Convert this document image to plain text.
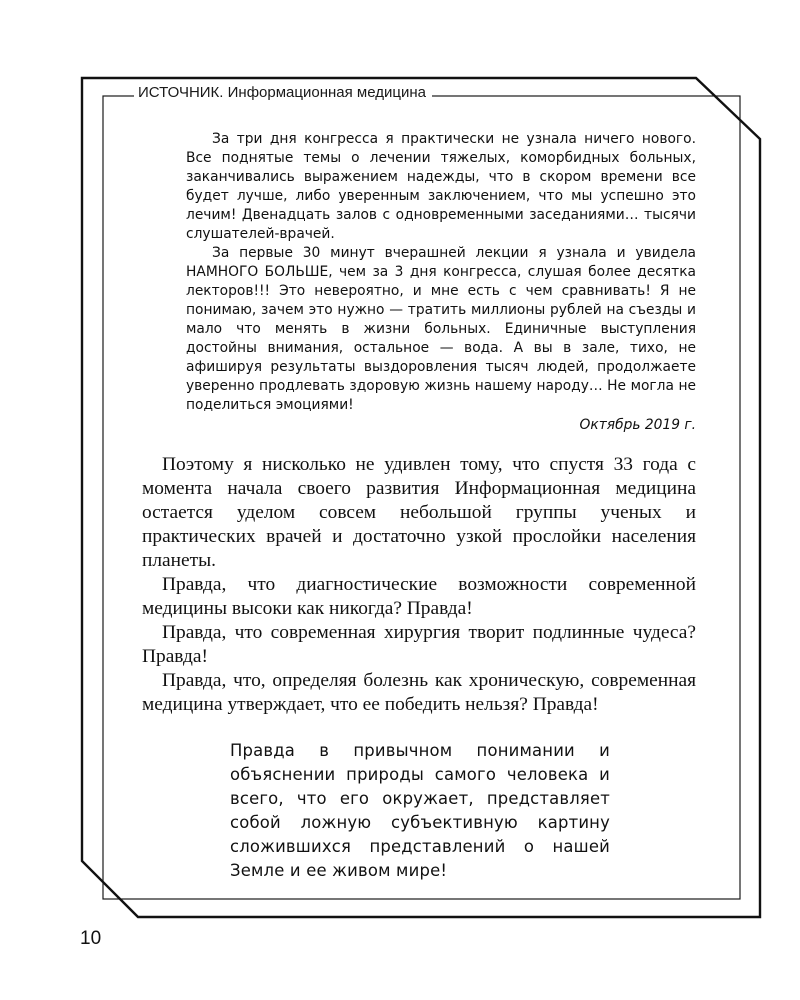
ИСТОЧНИК. Информационная медицина

За три дня конгресса я практически не узнала ничего нового. Все поднятые темы о лечении тяжелых, коморбидных больных, заканчивались выражением надежды, что в скором времени все будет лучше, либо уверенным заключением, что мы успешно это лечим! Двенадцать залов с одновременными заседаниями… тысячи слушателей-врачей.

За первые 30 минут вчерашней лекции я узнала и увидела НАМНОГО БОЛЬШЕ, чем за 3 дня конгресса, слушая более десятка лекторов!!! Это невероятно, и мне есть с чем сравнивать! Я не понимаю, зачем это нужно — тратить миллионы рублей на съезды и мало что менять в жизни больных. Единичные выступления достойны внимания, остальное — вода. А вы в зале, тихо, не афишируя результаты выздоровления тысяч людей, продолжаете уверенно продлевать здоровую жизнь нашему народу… Не могла не поделиться эмоциями!

Октябрь 2019 г.

Поэтому я нисколько не удивлен тому, что спустя 33 года с момента начала своего развития Информационная медицина остается уделом совсем небольшой группы ученых и практических врачей и достаточно узкой прослойки населения планеты.

Правда, что диагностические возможности современной медицины высоки как никогда? Правда!

Правда, что современная хирургия творит подлинные чудеса? Правда!

Правда, что, определяя болезнь как хроническую, современная медицина утверждает, что ее победить нельзя? Правда!

Правда в привычном понимании и объяснении природы самого человека и всего, что его окружает, представляет собой ложную субъективную картину сложившихся представлений о нашей Земле и ее живом мире!

10
